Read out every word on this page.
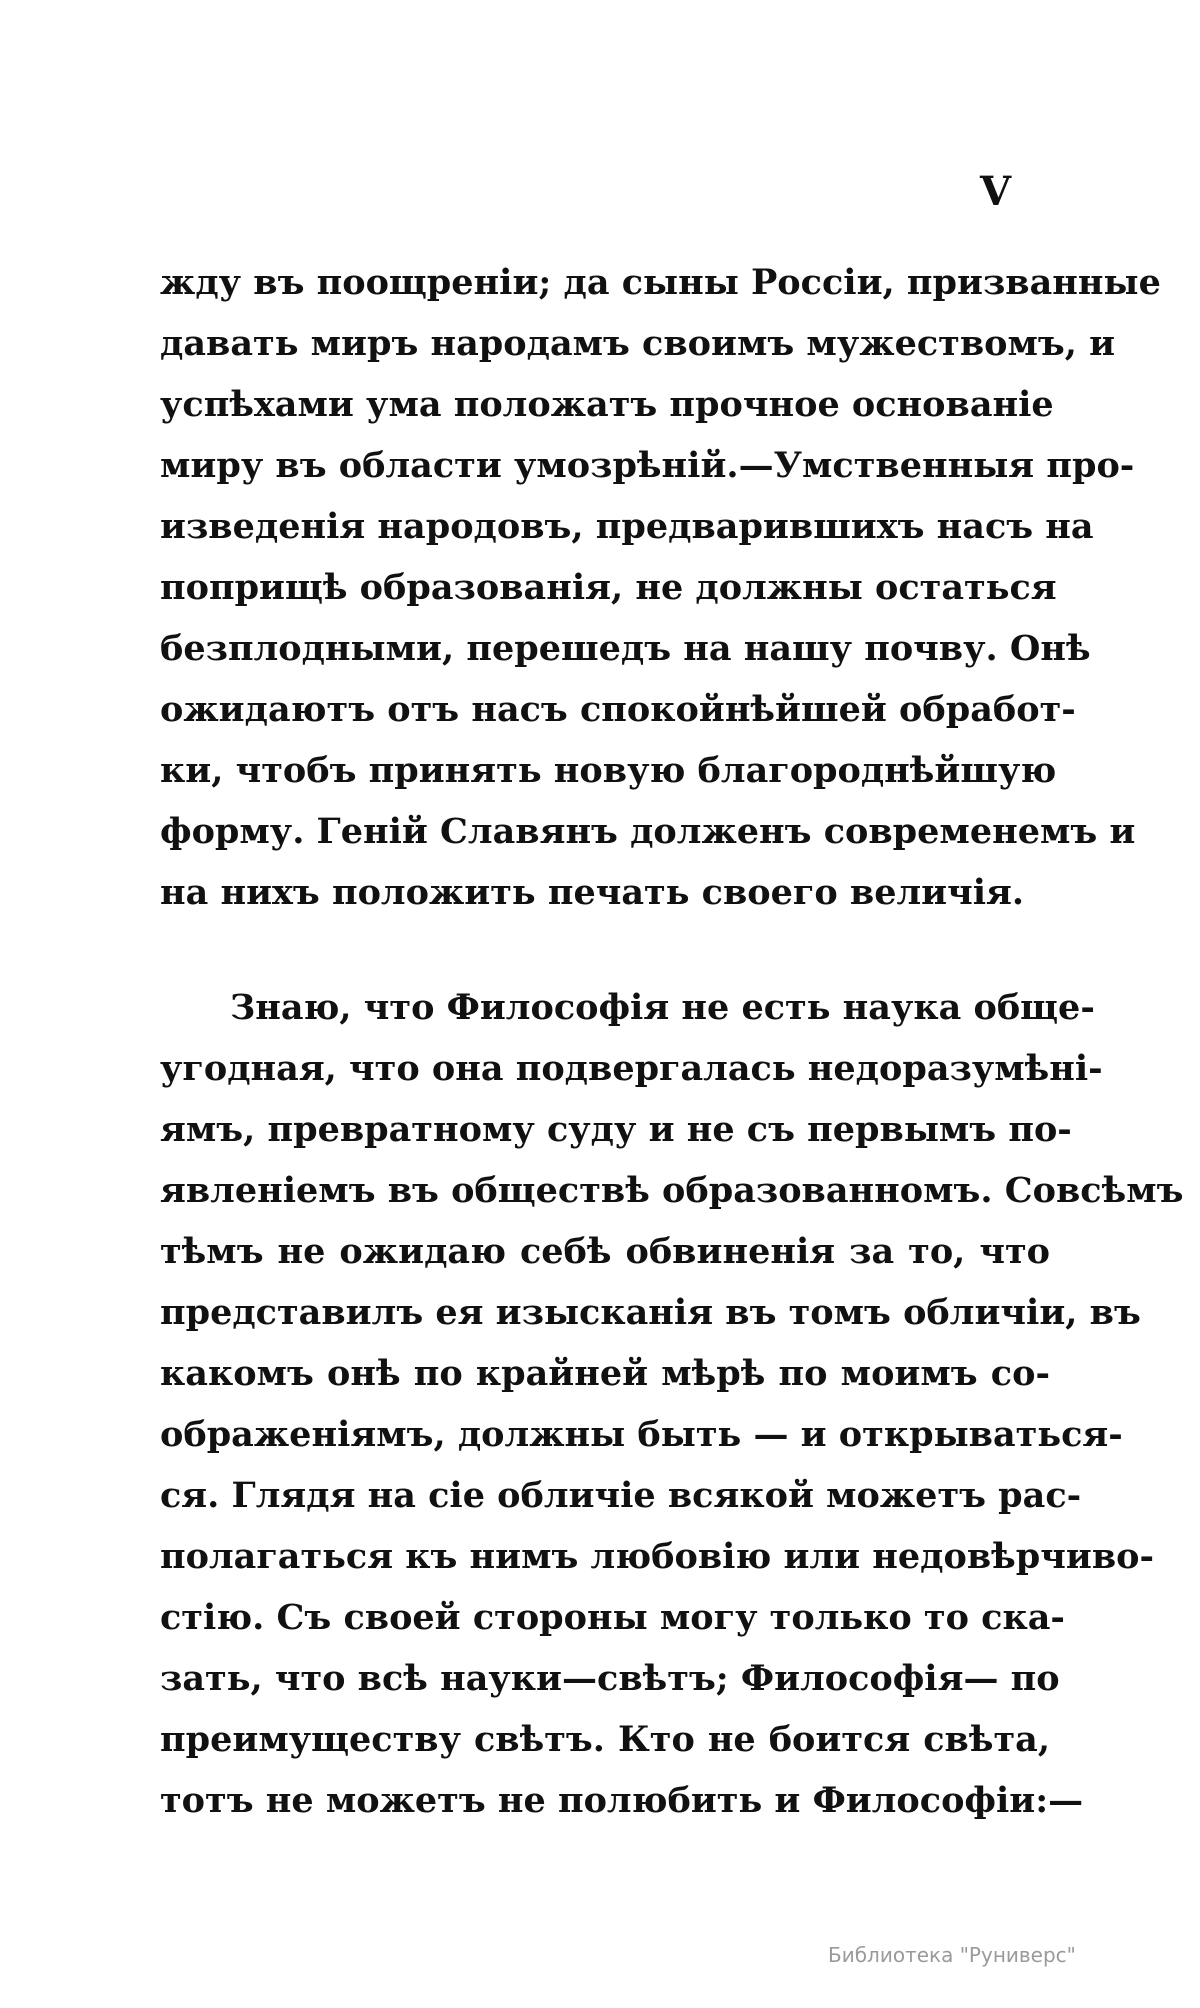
V
жду въ поощреніи; да сыны Россіи, призванные
давать миръ народамъ своимъ мужествомъ, и
успѣхами ума положатъ прочное основаніе
миру въ области умозрѣній.—Умственныя про-
изведенія народовъ, предварившихъ насъ на
поприщѣ образованія, не должны остаться
безплодными, перешедъ на нашу почву. Онѣ
ожидаютъ отъ насъ спокойнѣйшей обработ-
ки, чтобъ принять новую благороднѣйшую
форму. Геній Славянъ долженъ современемъ и
на нихъ положить печать своего величія.
Знаю, что Философія не есть наука обще-
угодная, что она подвергалась недоразумѣні-
ямъ, превратному суду и не съ первымъ по-
явленіемъ въ обществѣ образованномъ. Совсѣмъ
тѣмъ не ожидаю себѣ обвиненія за то, что
представилъ ея изысканія въ томъ обличіи, въ
какомъ онѣ по крайней мѣрѣ по моимъ со-
ображеніямъ, должны быть — и открываться-
ся. Глядя на сіе обличіе всякой можетъ рас-
полагаться къ нимъ любовію или недовѣрчиво-
стію. Съ своей стороны могу только то ска-
зать, что всѣ науки—свѣтъ; Философія— по
преимуществу свѣтъ. Кто не боится свѣта,
тотъ не можетъ не полюбить и Философіи:—
Библиотека "Руниверс"
